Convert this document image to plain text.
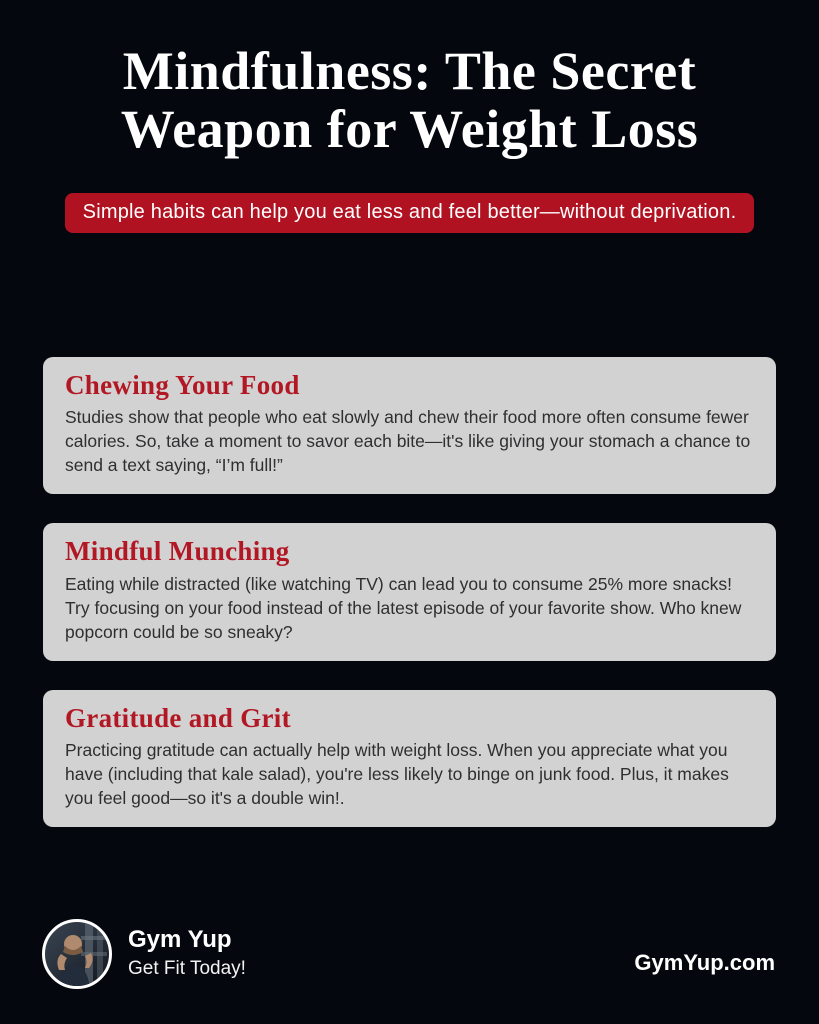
Mindfulness: The Secret
Weapon for Weight Loss

Simple habits can help you eat less and feel better—without deprivation.
Chewing Your Food
Studies show that people who eat slowly and chew their food more often consume fewer calories. So, take a moment to savor each bite—it's like giving your stomach a chance to send a text saying, “I’m full!”
Mindful Munching
Eating while distracted (like watching TV) can lead you to consume 25% more snacks! Try focusing on your food instead of the latest episode of your favorite show. Who knew popcorn could be so sneaky?
Gratitude and Grit
Practicing gratitude can actually help with weight loss. When you appreciate what you have (including that kale salad), you're less likely to binge on junk food. Plus, it makes you feel good—so it's a double win!.
Gym Yup
Get Fit Today!	GymYup.com
